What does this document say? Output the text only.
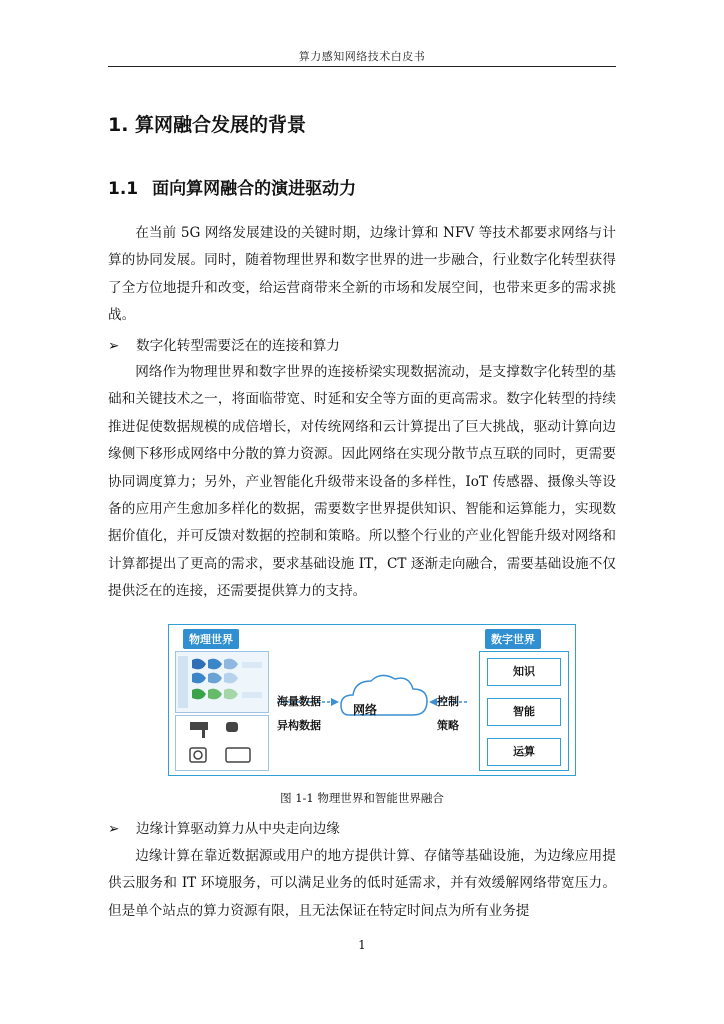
算力感知网络技术白皮书
1. 算网融合发展的背景
1.1 面向算网融合的演进驱动力
在当前 5G 网络发展建设的关键时期，边缘计算和 NFV 等技术都要求网络与计算的协同发展。同时，随着物理世界和数字世界的进一步融合，行业数字化转型获得了全方位地提升和改变，给运营商带来全新的市场和发展空间，也带来更多的需求挑战。
➢ 数字化转型需要泛在的连接和算力
网络作为物理世界和数字世界的连接桥梁实现数据流动，是支撑数字化转型的基础和关键技术之一，将面临带宽、时延和安全等方面的更高需求。数字化转型的持续推进促使数据规模的成倍增长，对传统网络和云计算提出了巨大挑战，驱动计算向边缘侧下移形成网络中分散的算力资源。因此网络在实现分散节点互联的同时，更需要协同调度算力；另外，产业智能化升级带来设备的多样性，IoT 传感器、摄像头等设备的应用产生愈加多样化的数据，需要数字世界提供知识、智能和运算能力，实现数据价值化，并可反馈对数据的控制和策略。所以整个行业的产业化智能升级对网络和计算都提出了更高的需求，要求基础设施 IT，CT 逐渐走向融合，需要基础设施不仅提供泛在的连接，还需要提供算力的支持。
物理世界	数字世界
海量数据
异构数据
网络
控制
策略
知识
智能
运算
图 1-1 物理世界和智能世界融合
➢ 边缘计算驱动算力从中央走向边缘
边缘计算在靠近数据源或用户的地方提供计算、存储等基础设施，为边缘应用提供云服务和 IT 环境服务，可以满足业务的低时延需求，并有效缓解网络带宽压力。但是单个站点的算力资源有限，且无法保证在特定时间点为所有业务提
1
